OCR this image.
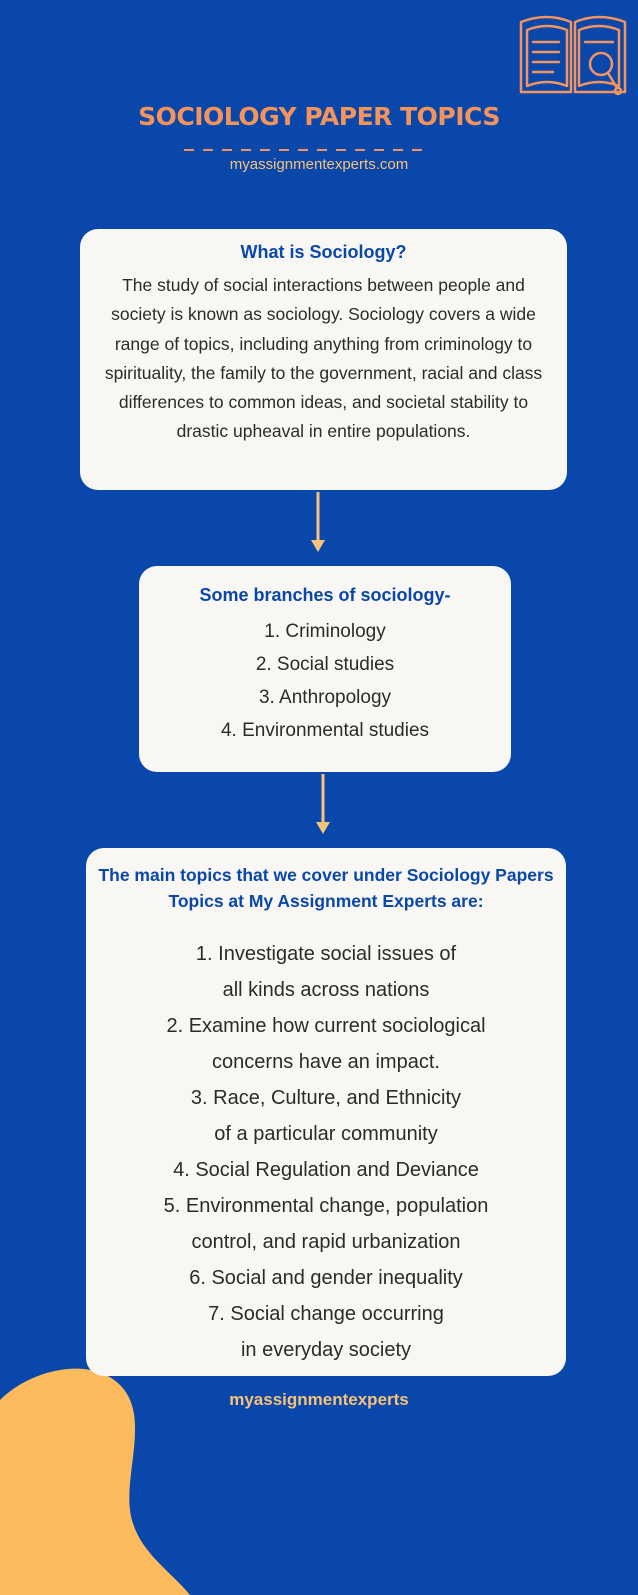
SOCIOLOGY PAPER TOPICS
myassignmentexperts.com
What is Sociology?

The study of social interactions between people and society is known as sociology. Sociology covers a wide range of topics, including anything from criminology to spirituality, the family to the government, racial and class differences to common ideas, and societal stability to drastic upheaval in entire populations.

Some branches of sociology-
1. Criminology
2. Social studies
3. Anthropology
4. Environmental studies
The main topics that we cover under Sociology Papers Topics at My Assignment Experts are:
1. Investigate social issues of
all kinds across nations
2. Examine how current sociological
concerns have an impact.
3. Race, Culture, and Ethnicity
of a particular community
4. Social Regulation and Deviance
5. Environmental change, population
control, and rapid urbanization
6. Social and gender inequality
7. Social change occurring
in everyday society
myassignmentexperts
